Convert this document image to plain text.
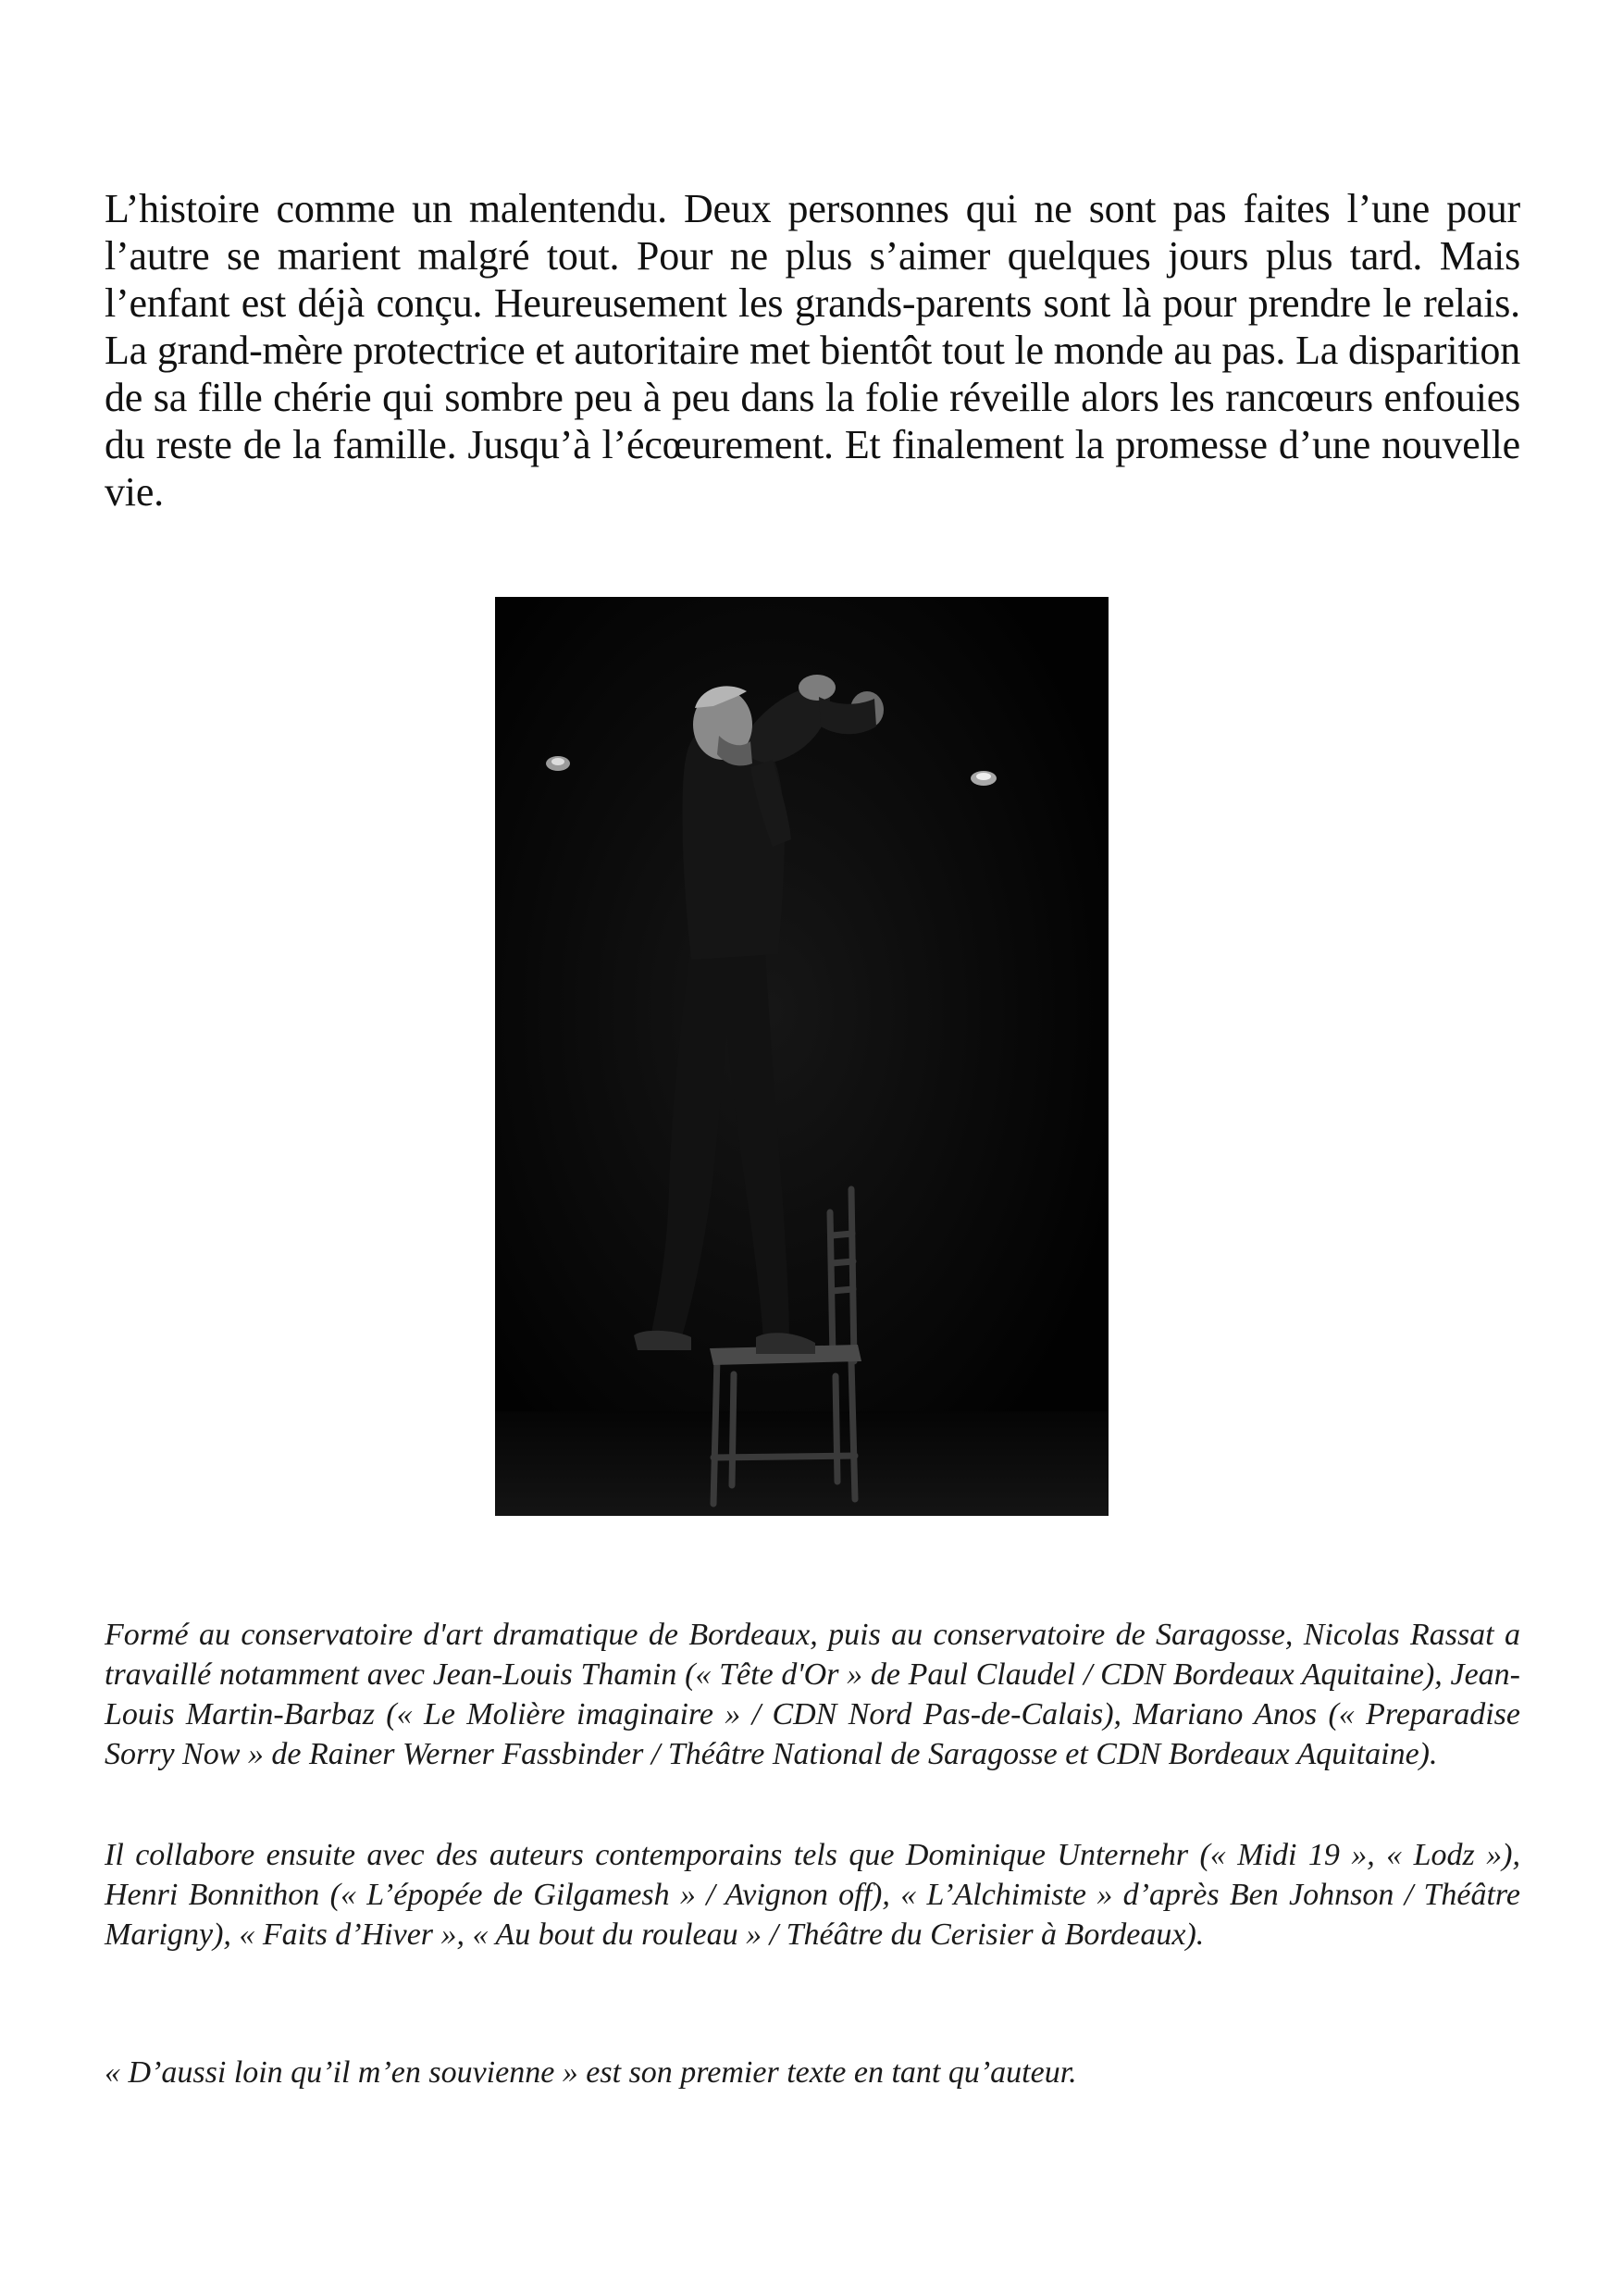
L’histoire comme un malentendu. Deux personnes qui ne sont pas faites l’une pour l’autre se marient malgré tout. Pour ne plus s’aimer quelques jours plus tard. Mais l’enfant est déjà conçu. Heureusement les grands-parents sont là pour prendre le relais. La grand-mère protectrice et autoritaire met bientôt tout le monde au pas. La disparition de sa fille chérie qui sombre peu à peu dans la folie réveille alors les rancœurs enfouies du reste de la famille. Jusqu’à l’écœurement. Et finalement la promesse d’une nouvelle vie.

Formé au conservatoire d'art dramatique de Bordeaux, puis au conservatoire de Saragosse, Nicolas Rassat a travaillé notamment avec Jean-Louis Thamin (« Tête d'Or » de Paul Claudel / CDN Bordeaux Aquitaine), Jean-Louis Martin-Barbaz (« Le Molière imaginaire » / CDN Nord Pas-de-Calais), Mariano Anos (« Preparadise Sorry Now » de Rainer Werner Fassbinder / Théâtre National de Saragosse et CDN Bordeaux Aquitaine).

Il collabore ensuite avec des auteurs contemporains tels que Dominique Unternehr (« Midi 19 », « Lodz »), Henri Bonnithon (« L’épopée de Gilgamesh » / Avignon off), « L’Alchimiste » d’après Ben Johnson / Théâtre Marigny), « Faits d’Hiver », « Au bout du rouleau » / Théâtre du Cerisier à Bordeaux).

« D’aussi loin qu’il m’en souvienne » est son premier texte en tant qu’auteur.
